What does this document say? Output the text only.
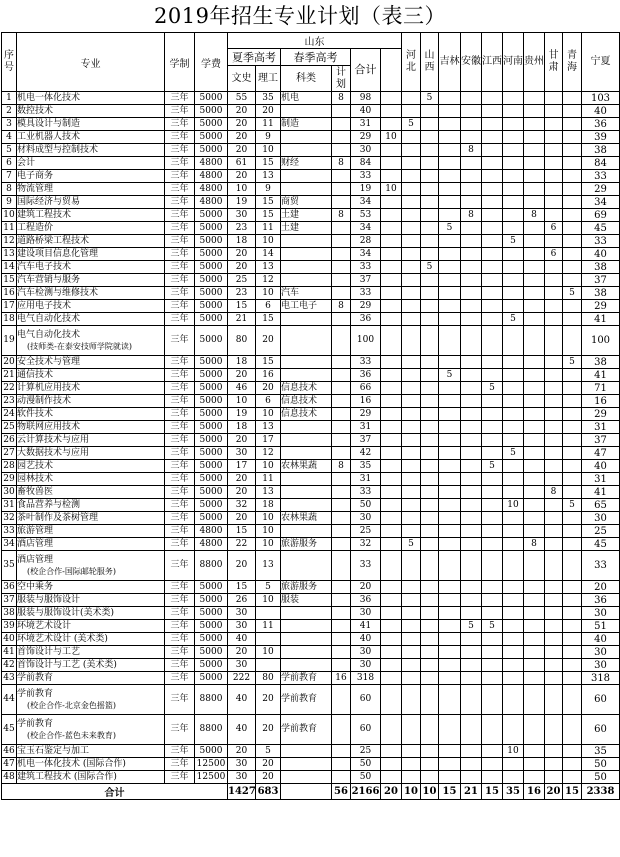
2019年招生专业计划（表三）
序号	专业	学制	学费	山东						河北	山西	吉林	安徽	江西	河南	贵州	甘肃	青海	宁夏	
				夏季高考		春季高考		合计												
				文史	理工	科类	计划													
1	机电一体化技术	三年	5000	55	35	机电	8	98			5								103	
2	数控技术	三年	5000	20	20			40											40	
3	模具设计与制造	三年	5000	20	11	制造		31		5									36	
4	工业机器人技术	三年	5000	20	9			29	10										39	
5	材料成型与控制技术	三年	5000	20	10			30					8						38	
6	会计	三年	4800	61	15	财经	8	84											84	
7	电子商务	三年	4800	20	13			33											33	
8	物流管理	三年	4800	10	9			19	10										29	
9	国际经济与贸易	三年	4800	19	15	商贸		34											34	
10	建筑工程技术	三年	5000	30	15	土建	8	53					8			8			69	
11	工程造价	三年	5000	23	11	土建		34				5					6		45	
12	道路桥梁工程技术	三年	5000	18	10			28							5				33	
13	建设项目信息化管理	三年	5000	20	14			34									6		40	
14	汽车电子技术	三年	5000	20	13			33			5								38	
15	汽车营销与服务	三年	5000	25	12			37											37	
16	汽车检测与维修技术	三年	5000	23	10	汽车		33										5	38	
17	应用电子技术	三年	5000	15	6	电工电子	8	29											29	
18	电气自动化技术	三年	5000	21	15			36							5				41	
19	电气自动化技术
(技师类-在泰安技师学院就读)	三年	5000	80	20			100											100	
20	安全技术与管理	三年	5000	18	15			33										5	38	
21	通信技术	三年	5000	20	16			36				5							41	
22	计算机应用技术	三年	5000	46	20	信息技术		66						5					71	
23	动漫制作技术	三年	5000	10	6	信息技术		16											16	
24	软件技术	三年	5000	19	10	信息技术		29											29	
25	物联网应用技术	三年	5000	18	13			31											31	
26	云计算技术与应用	三年	5000	20	17			37											37	
27	大数据技术与应用	三年	5000	30	12			42							5				47	
28	园艺技术	三年	5000	17	10	农林果蔬	8	35						5					40	
29	园林技术	三年	5000	20	11			31											31	
30	畜牧兽医	三年	5000	20	13			33									8		41	
31	食品营养与检测	三年	5000	32	18			50							10			5	65	
32	茶叶制作及茶树管理	三年	5000	20	10	农林果蔬		30											30	
33	旅游管理	三年	4800	15	10			25											25	
34	酒店管理	三年	4800	22	10	旅游服务		32		5						8			45	
35	酒店管理
(校企合作-国际邮轮服务)	三年	8800	20	13			33											33	
36	空中乘务	三年	5000	15	5	旅游服务		20											20	
37	服装与服饰设计	三年	5000	26	10	服装		36											36	
38	服装与服饰设计(美术类)	三年	5000	30				30											30	
39	环境艺术设计	三年	5000	30	11			41					5	5					51	
40	环境艺术设计 (美术类)	三年	5000	40				40											40	
41	首饰设计与工艺	三年	5000	20	10			30											30	
42	首饰设计与工艺 (美术类)	三年	5000	30				30											30	
43	学前教育	三年	5000	222	80	学前教育	16	318											318	
44	学前教育
(校企合作-北京金色摇篮)	三年	8800	40	20	学前教育		60											60	
45	学前教育
(校企合作-蓝色未来教育)	三年	8800	40	20	学前教育		60											60	
46	宝玉石鉴定与加工	三年	5000	20	5			25							10				35	
47	机电一体化技术 (国际合作)	三年	12500	30	20			50											50	
48	建筑工程技术 (国际合作)	三年	12500	30	20			50											50	
合计				1427	683		56	2166	20	10	10	15	21	15	35	16	20	15	2338	
